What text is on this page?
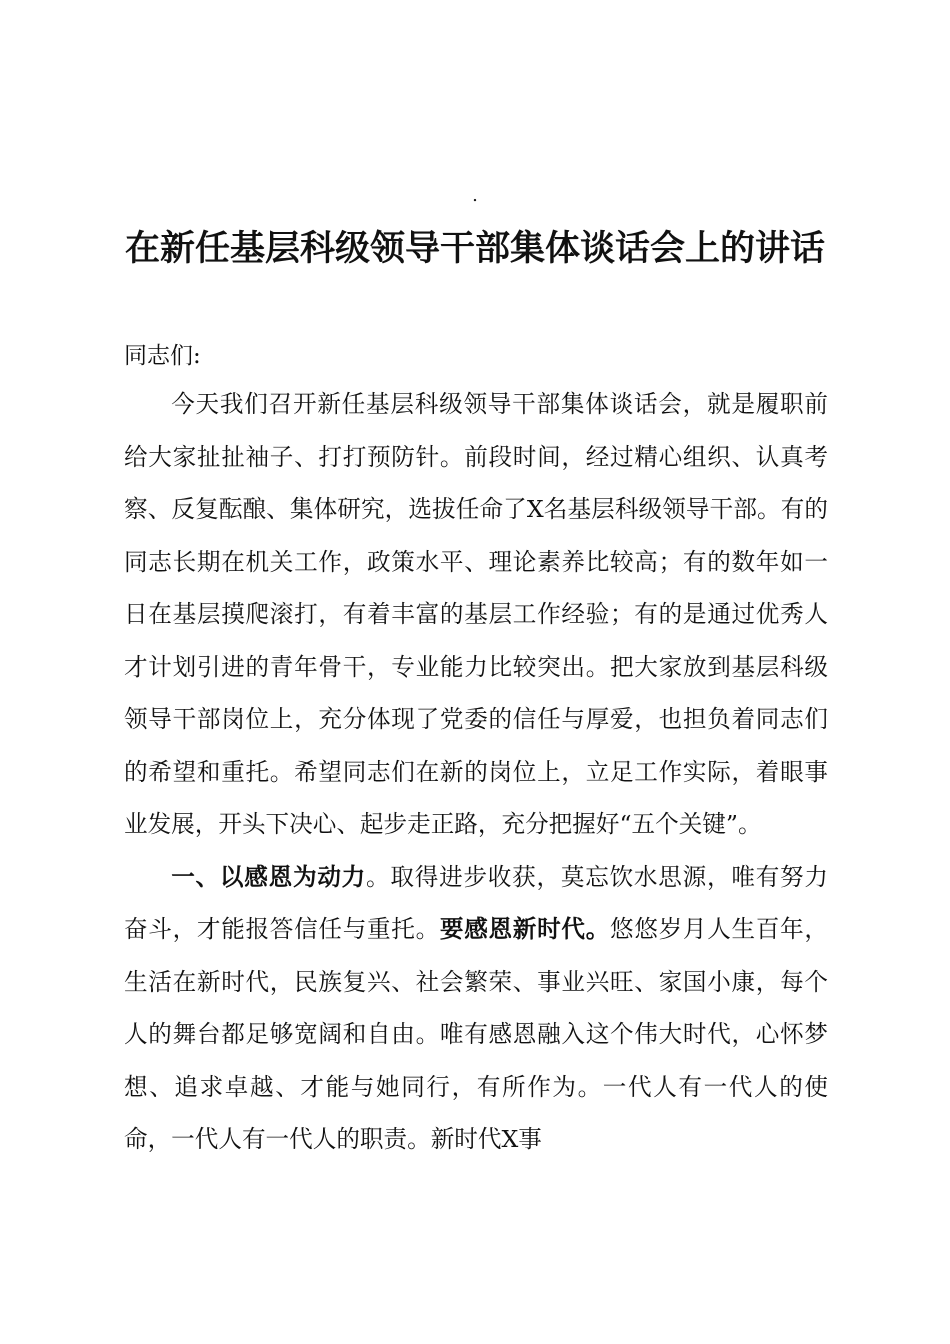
.
在新任基层科级领导干部集体谈话会上的讲话
同志们:

今天我们召开新任基层科级领导干部集体谈话会，就是履职前给大家扯扯袖子、打打预防针。前段时间，经过精心组织、认真考察、反复酝酿、集体研究，选拔任命了X名基层科级领导干部。有的同志长期在机关工作，政策水平、理论素养比较高；有的数年如一日在基层摸爬滚打，有着丰富的基层工作经验；有的是通过优秀人才计划引进的青年骨干，专业能力比较突出。把大家放到基层科级领导干部岗位上，充分体现了党委的信任与厚爱，也担负着同志们的希望和重托。希望同志们在新的岗位上，立足工作实际，着眼事业发展，开头下决心、起步走正路，充分把握好“五个关键”。

一、以感恩为动力。取得进步收获，莫忘饮水思源，唯有努力奋斗，才能报答信任与重托。要感恩新时代。悠悠岁月人生百年，生活在新时代，民族复兴、社会繁荣、事业兴旺、家国小康，每个人的舞台都足够宽阔和自由。唯有感恩融入这个伟大时代，心怀梦想、追求卓越、才能与她同行，有所作为。一代人有一代人的使命，一代人有一代人的职责。新时代X事
